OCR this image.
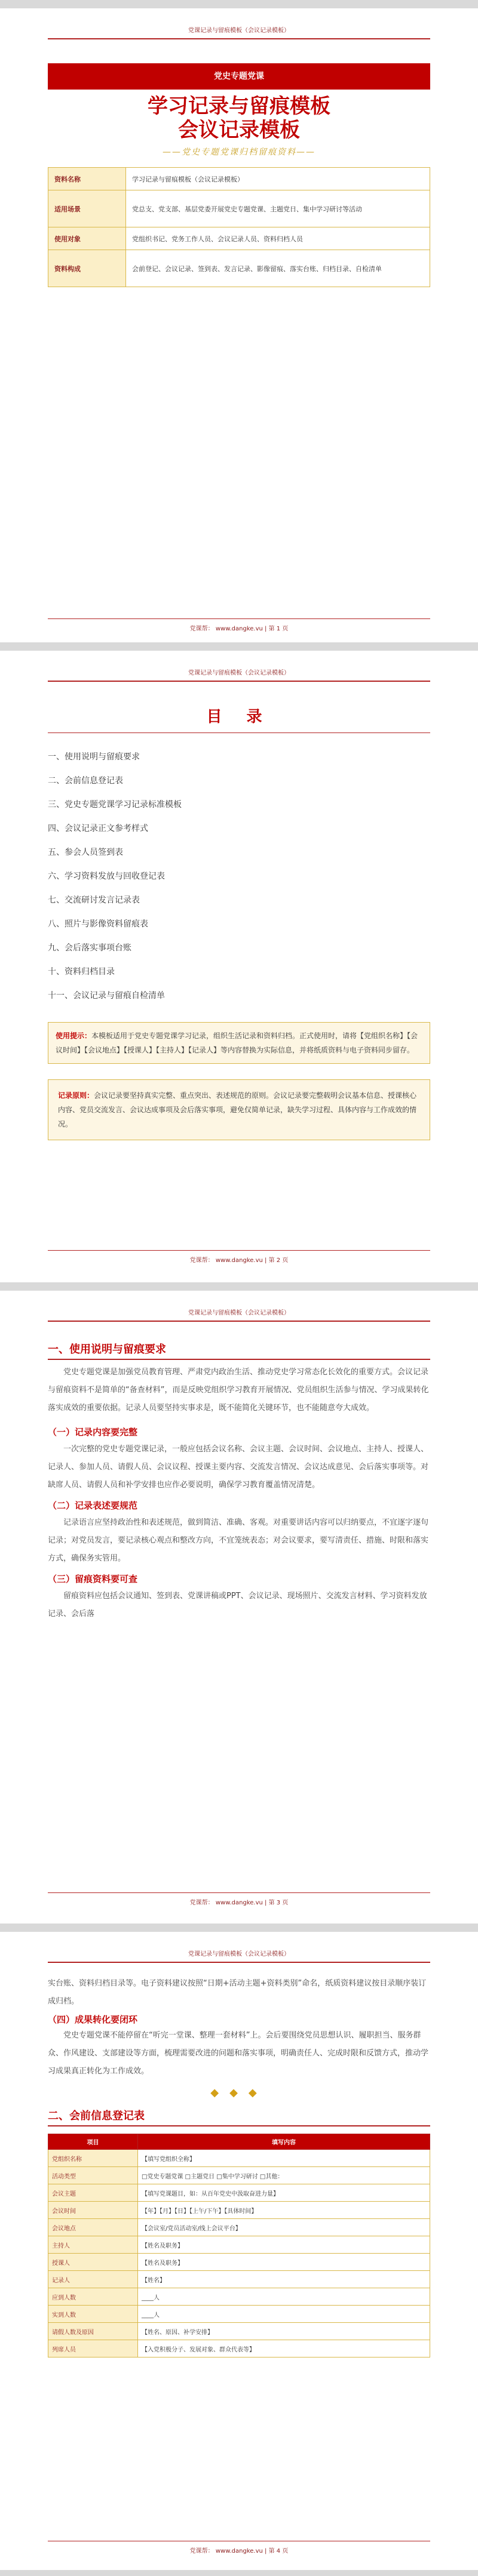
党课记录与留痕模板（会议记录模板）
党史专题党课
学习记录与留痕模板
会议记录模板
——党史专题党课归档留痕资料——
资料名称	学习记录与留痕模板（会议记录模板）
适用场景	党总支、党支部、基层党委开展党史专题党课、主题党日、集中学习研讨等活动
使用对象	党组织书记、党务工作人员、会议记录人员、资料归档人员
资料构成	会前登记、会议记录、签到表、发言记录、影像留痕、落实台账、归档目录、自检清单
党课帮： www.dangke.vu | 第 1 页
党课记录与留痕模板（会议记录模板）
目 录
一、使用说明与留痕要求
二、会前信息登记表
三、党史专题党课学习记录标准模板
四、会议记录正文参考样式
五、参会人员签到表
六、学习资料发放与回收登记表
七、交流研讨发言记录表
八、照片与影像资料留痕表
九、会后落实事项台账
十、资料归档目录
十一、会议记录与留痕自检清单
使用提示：本模板适用于党史专题党课学习记录，组织生活记录和资料归档。正式使用时，请将【党组织名称】【会议时间】【会议地点】【授课人】【主持人】【记录人】等内容替换为实际信息，并将纸质资料与电子资料同步留存。
记录原则：会议记录要坚持真实完整、重点突出、表述规范的原则。会议记录要完整载明会议基本信息、授课核心内容、党员交流发言、会议达成事项及会后落实事项，避免仅简单记录，缺失学习过程、具体内容与工作成效的情况。
党课帮： www.dangke.vu | 第 2 页
党课记录与留痕模板（会议记录模板）
一、使用说明与留痕要求

党史专题党课是加强党员教育管理、严肃党内政治生活、推动党史学习常态化长效化的重要方式。会议记录与留痕资料不是简单的“备查材料”，而是反映党组织学习教育开展情况、党员组织生活参与情况、学习成果转化落实成效的重要依据。记录人员要坚持实事求是，既不能简化关键环节，也不能随意夸大成效。

（一）记录内容要完整

一次完整的党史专题党课记录，一般应包括会议名称、会议主题、会议时间、会议地点、主持人、授课人、记录人、参加人员、请假人员、会议议程、授课主要内容、交流发言情况、会议达成意见、会后落实事项等。对缺席人员、请假人员和补学安排也应作必要说明，确保学习教育覆盖情况清楚。

（二）记录表述要规范

记录语言应坚持政治性和表述规范，做到简洁、准确、客观。对重要讲话内容可以归纳要点，不宜逐字逐句记录；对党员发言，要记录核心观点和整改方向，不宜笼统表态；对会议要求，要写清责任、措施、时限和落实方式，确保务实管用。

（三）留痕资料要可查

留痕资料应包括会议通知、签到表、党课讲稿或PPT、会议记录、现场照片、交流发言材料、学习资料发放记录、会后落

党课帮： www.dangke.vu | 第 3 页
党课记录与留痕模板（会议记录模板）

实台账、资料归档目录等。电子资料建议按照“日期+活动主题+资料类别”命名，纸质资料建议按目录顺序装订成归档。

（四）成果转化要闭环

党史专题党课不能停留在“听完一堂课、整理一套材料”上。会后要围绕党员思想认识、履职担当、服务群众、作风建设、支部建设等方面，梳理需要改进的问题和落实事项，明确责任人、完成时限和反馈方式，推动学习成果真正转化为工作成效。

◆◆◆
二、会前信息登记表
项目	填写内容
党组织名称	【填写党组织全称】
活动类型	□党史专题党课 □主题党日 □集中学习研讨 □其他：
会议主题	【填写党课题目，如：从百年党史中汲取奋进力量】
会议时间	【年】【月】【日】【上午/下午】【具体时间】
会议地点	【会议室/党员活动室/线上会议平台】
主持人	【姓名及职务】
授课人	【姓名及职务】
记录人	【姓名】
应到人数	____人
实到人数	____人
请假人数及原因	【姓名、原因、补学安排】
列席人员	【入党积极分子、发展对象、群众代表等】
党课帮： www.dangke.vu | 第 4 页
